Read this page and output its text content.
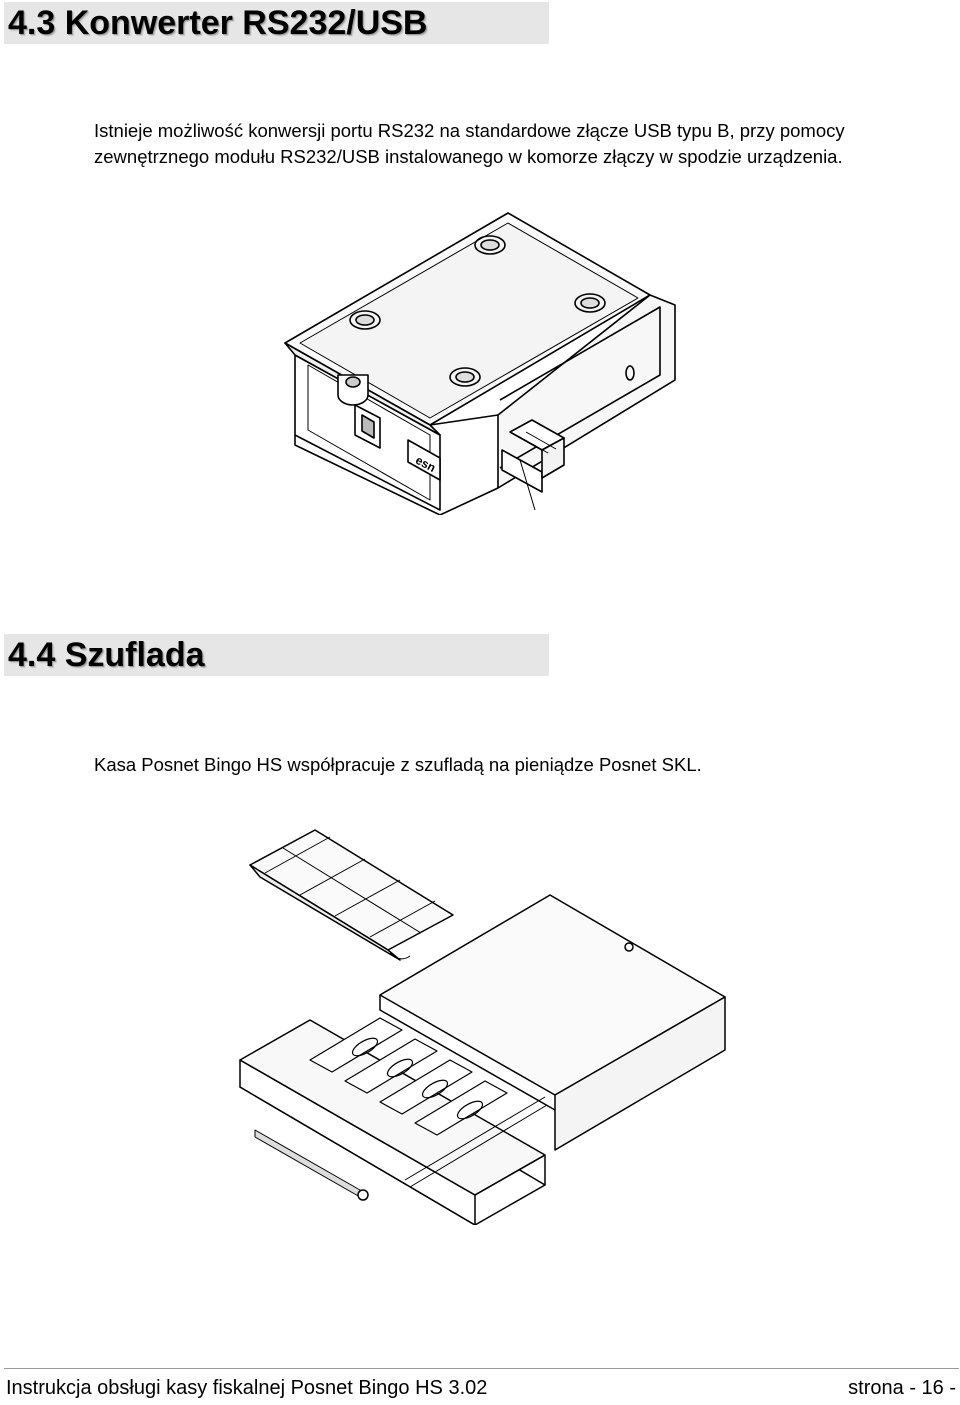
4.3 Konwerter RS232/USB
Istnieje możliwość konwersji portu RS232 na standardowe złącze USB typu B, przy pomocy
zewnętrznego modułu RS232/USB instalowanego w komorze złączy w spodzie urządzenia.
esn
4.4 Szuflada
Kasa Posnet Bingo HS współpracuje z szufladą na pieniądze Posnet SKL.
Instrukcja obsługi kasy fiskalnej Posnet Bingo HS 3.02	strona - 16 -
